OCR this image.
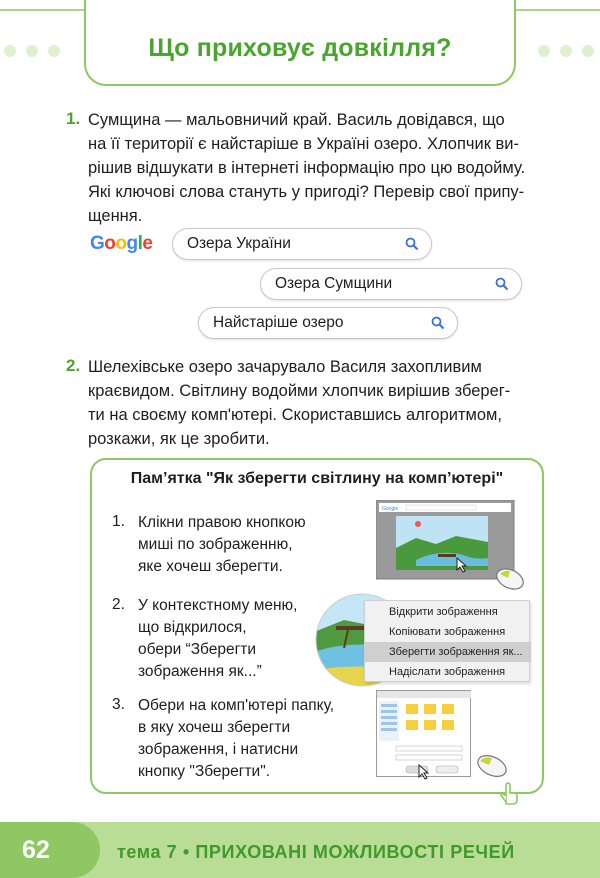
Що приховує довкілля?
1. Сумщина — мальовничий край. Василь довідався, що
на її території є найстаріше в Україні озеро. Хлопчик ви-
рішив відшукати в інтернеті інформацію про цю водойму.
Які ключові слова стануть у пригоді? Перевір свої припу-
щення.
Google Озера України
Озера Сумщини
Найстаріше озеро
2. Шелехівське озеро зачарувало Василя захопливим
краєвидом. Світлину водойми хлопчик вирішив зберег-
ти на своєму комп'ютері. Скориставшись алгоритмом,
розкажи, як це зробити.
Пам’ятка "Як зберегти світлину на комп’ютері"
1. Клікни правою кнопкою
миші по зображенню,
яке хочеш зберегти.
Google
2. У контекстному меню,
що відкрилося,
обери “Зберегти
зображення як...”
Відкрити зображення
Копіювати зображення
Зберегти зображення як...
Надіслати зображення
3. Обери на комп'ютері папку,
в яку хочеш зберегти
зображення, і натисни
кнопку "Зберегти".
62	тема 7 • ПРИХОВАНІ МОЖЛИВОСТІ РЕЧЕЙ
